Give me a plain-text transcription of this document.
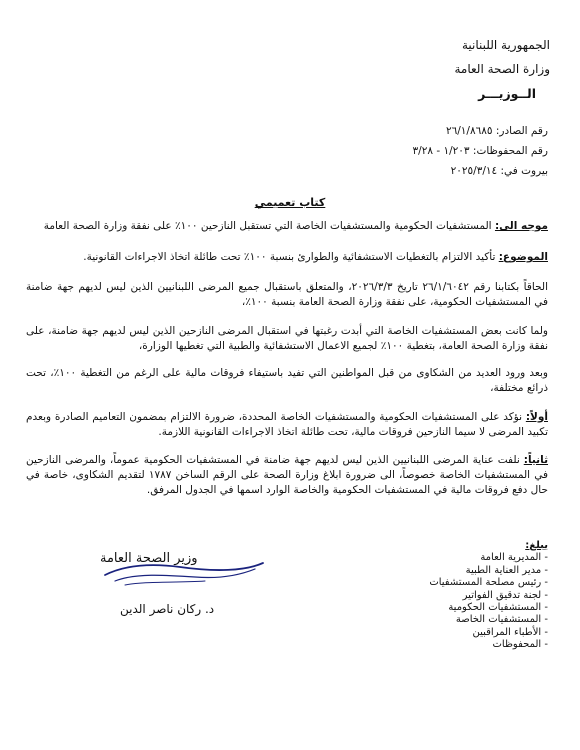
الجمهورية اللبنانية
وزارة الصحة العامة
الــوزيـــر
رقم الصادر: ٢٦/١/٨٦٨٥
رقم المحفوظات: ١/٢٠٣ - ٣/٢٨
بيروت في: ٢٠٢٥/٣/١٤
كتاب تعميمي
موجه الى: المستشفيات الحكومية والمستشفيات الخاصة التي تستقبل النازحين ١٠٠٪ على نفقة وزارة الصحة العامة
الموضوع: تأكيد الالتزام بالتغطيات الاستشفائية والطوارئ بنسبة ١٠٠٪ تحت طائلة اتخاذ الاجراءات القانونية.
الحاقاً بكتابنا رقم ٢٦/١/٦٠٤٢ تاريخ ٢٠٢٦/٣/٣، والمتعلق باستقبال جميع المرضى اللبنانيين الذين ليس لديهم جهة ضامنة في المستشفيات الحكومية، على نفقة وزارة الصحة العامة بنسبة ١٠٠٪،
ولما كانت بعض المستشفيات الخاصة التي أبدت رغبتها في استقبال المرضى النازحين الذين ليس لديهم جهة ضامنة، على نفقة وزارة الصحة العامة، بتغطية ١٠٠٪ لجميع الاعمال الاستشفائية والطبية التي تغطيها الوزارة،
وبعد ورود العديد من الشكاوى من قبل المواطنين التي تفيد باستيفاء فروقات مالية على الرغم من التغطية ١٠٠٪، تحت ذرائع مختلفة،
أولاً: نؤكد على المستشفيات الحكومية والمستشفيات الخاصة المحددة، ضرورة الالتزام بمضمون التعاميم الصادرة وبعدم تكبيد المرضى لا سيما النازحين فروقات مالية، تحت طائلة اتخاذ الاجراءات القانونية اللازمة.
ثانياً: نلفت عناية المرضى اللبنانيين الذين ليس لديهم جهة ضامنة في المستشفيات الحكومية عموماً، والمرضى النازحين في المستشفيات الخاصة خصوصاً، الى ضرورة ابلاغ وزارة الصحة على الرقم الساخن ١٧٨٧ لتقديم الشكاوى، خاصة في حال دفع فروقات مالية في المستشفيات الحكومية والخاصة الوارد اسمها في الجدول المرفق.
يبلغ:
- المديرية العامة
- مدير العناية الطبية
- رئيس مصلحة المستشفيات
- لجنة تدقيق الفواتير
- المستشفيات الحكومية
- المستشفيات الخاصة
- الأطباء المراقبين
- المحفوظات
وزير الصحة العامة
د. ركان ناصر الدين
